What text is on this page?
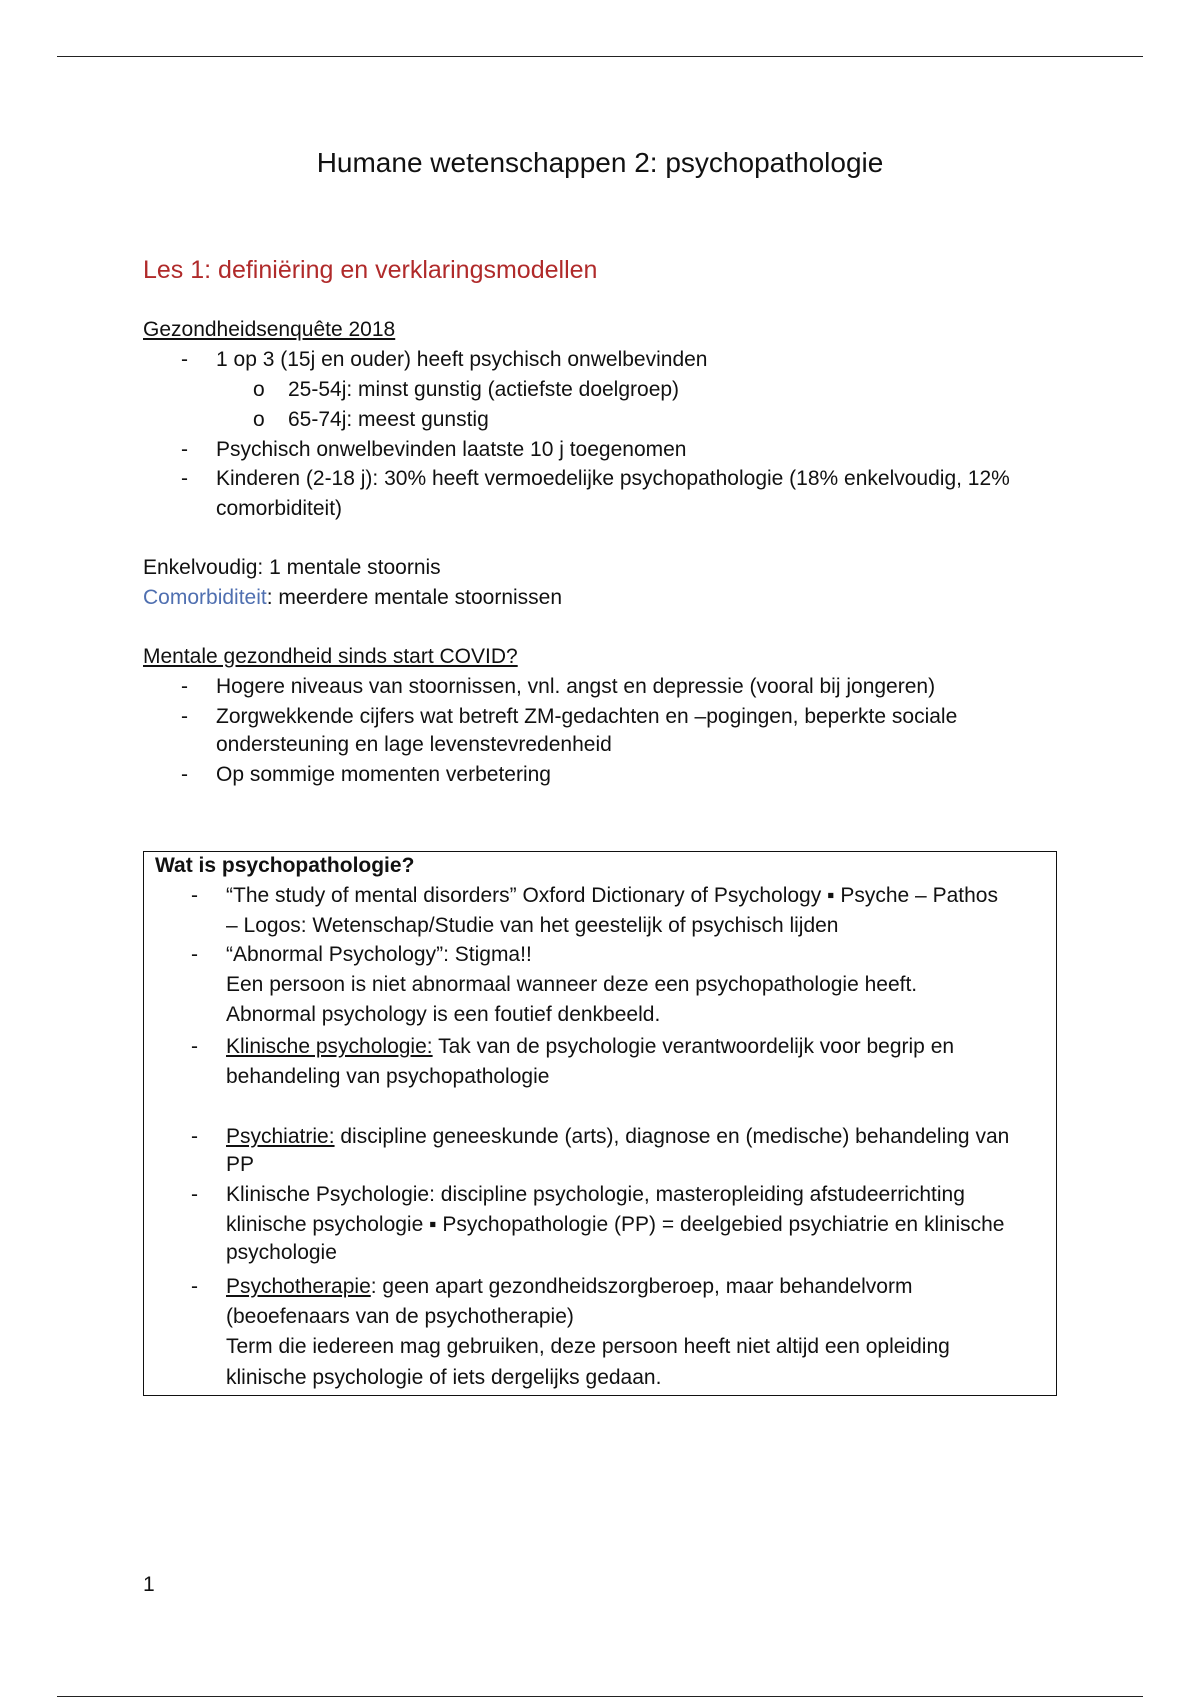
Humane wetenschappen 2: psychopathologie
Les 1: definiëring en verklaringsmodellen
Gezondheidsenquête 2018
- 1 op 3 (15j en ouder) heeft psychisch onwelbevinden
o 25-54j: minst gunstig (actiefste doelgroep)
o 65-74j: meest gunstig
- Psychisch onwelbevinden laatste 10 j toegenomen
- Kinderen (2-18 j): 30% heeft vermoedelijke psychopathologie (18% enkelvoudig, 12%
comorbiditeit)
Enkelvoudig: 1 mentale stoornis
Comorbiditeit: meerdere mentale stoornissen
Mentale gezondheid sinds start COVID?
- Hogere niveaus van stoornissen, vnl. angst en depressie (vooral bij jongeren)
- Zorgwekkende cijfers wat betreft ZM-gedachten en –pogingen, beperkte sociale
ondersteuning en lage levenstevredenheid
- Op sommige momenten verbetering
Wat is psychopathologie?
- “The study of mental disorders” Oxford Dictionary of Psychology ▪ Psyche – Pathos
– Logos: Wetenschap/Studie van het geestelijk of psychisch lijden
- “Abnormal Psychology”: Stigma!!
Een persoon is niet abnormaal wanneer deze een psychopathologie heeft.
Abnormal psychology is een foutief denkbeeld.
- Klinische psychologie: Tak van de psychologie verantwoordelijk voor begrip en
behandeling van psychopathologie
- Psychiatrie: discipline geneeskunde (arts), diagnose en (medische) behandeling van
PP
- Klinische Psychologie: discipline psychologie, masteropleiding afstudeerrichting
klinische psychologie ▪ Psychopathologie (PP) = deelgebied psychiatrie en klinische
psychologie
- Psychotherapie: geen apart gezondheidszorgberoep, maar behandelvorm
(beoefenaars van de psychotherapie)
Term die iedereen mag gebruiken, deze persoon heeft niet altijd een opleiding
klinische psychologie of iets dergelijks gedaan.
1
